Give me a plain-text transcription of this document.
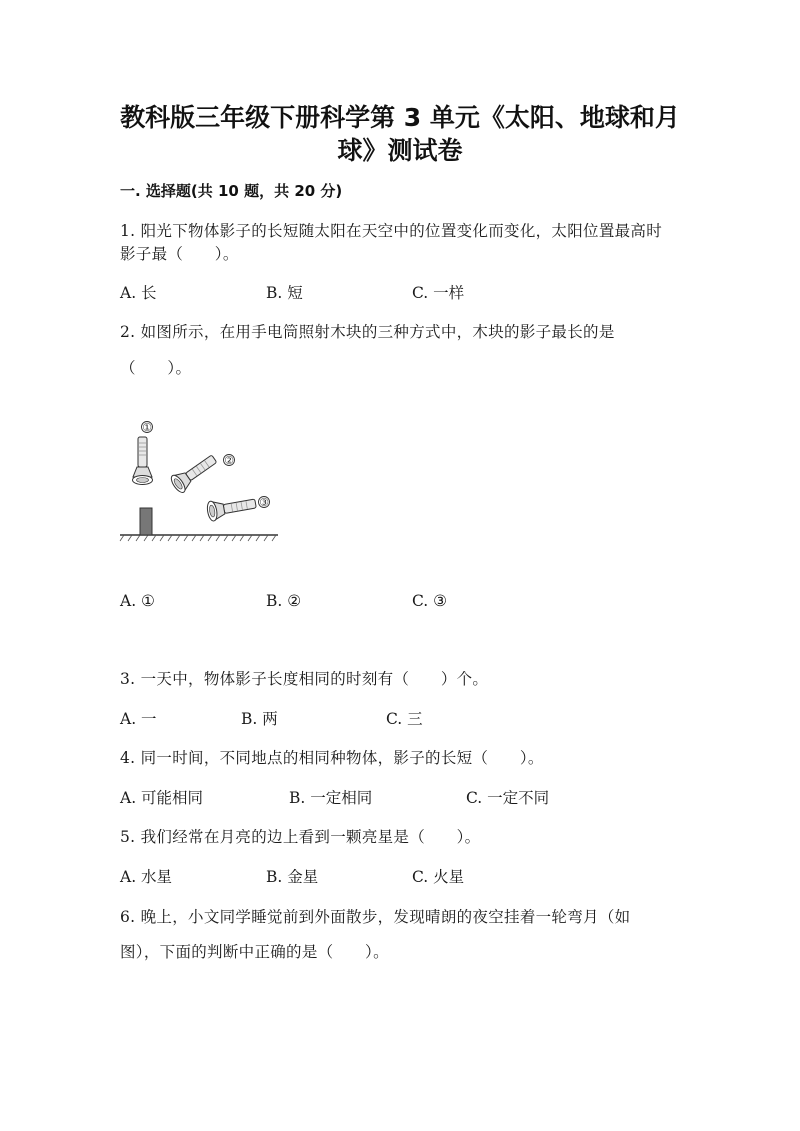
教科版三年级下册科学第 3 单元《太阳、地球和月
球》测试卷
一. 选择题(共 10 题，共 20 分)
1. 阳光下物体影子的长短随太阳在天空中的位置变化而变化，太阳位置最高时
影子最（　　）。
A. 长	B. 短	C. 一样
2. 如图所示，在用手电筒照射木块的三种方式中，木块的影子最长的是
（　　）。
①
②
③
A. ①	B. ②	C. ③
3. 一天中，物体影子长度相同的时刻有（　　）个。
A. 一	B. 两	C. 三
4. 同一时间，不同地点的相同种物体，影子的长短（　　）。
A. 可能相同	B. 一定相同	C. 一定不同
5. 我们经常在月亮的边上看到一颗亮星是（　　）。
A. 水星	B. 金星	C. 火星
6. 晚上，小文同学睡觉前到外面散步，发现晴朗的夜空挂着一轮弯月（如
图），下面的判断中正确的是（　　）。
